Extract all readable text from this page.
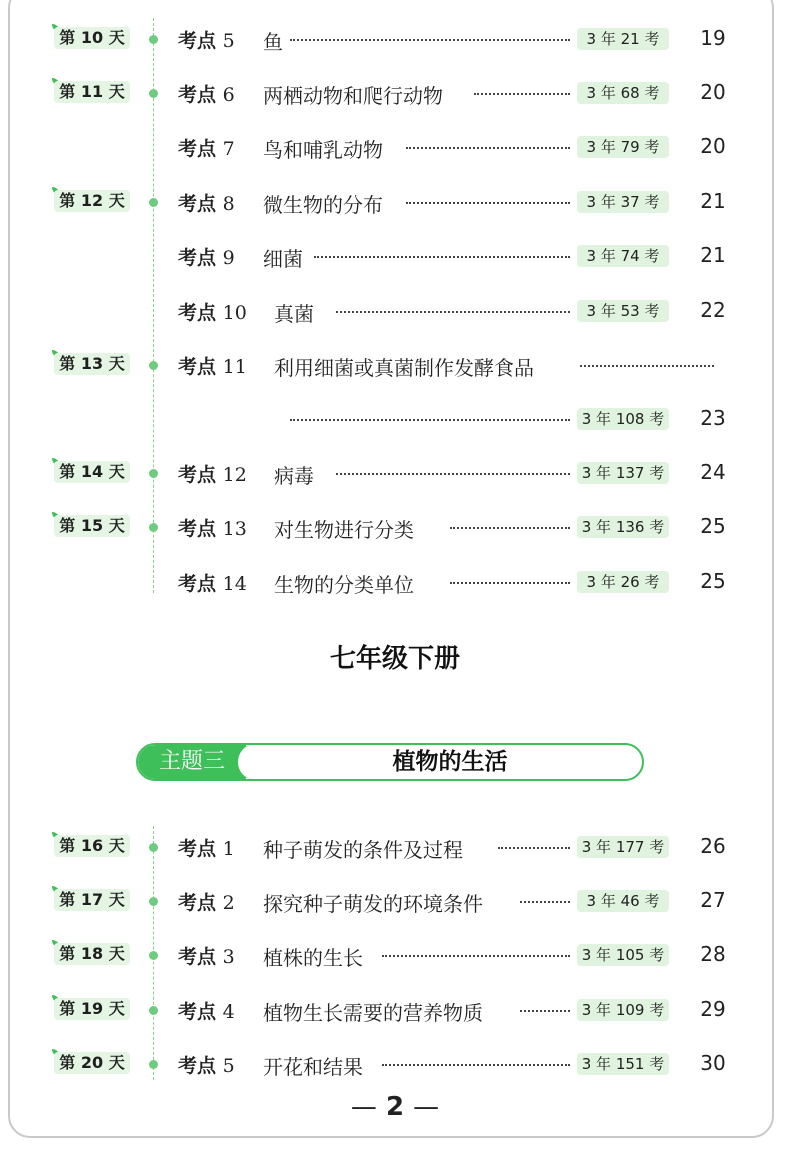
第 10 天	考点 5 鱼	3 年 21 考	19
第 11 天	考点 6 两栖动物和爬行动物	3 年 68 考	20
考点 7 鸟和哺乳动物	3 年 79 考	20
第 12 天	考点 8 微生物的分布	3 年 37 考	21
考点 9 细菌	3 年 74 考	21
考点 10 真菌	3 年 53 考	22
第 13 天	考点 11 利用细菌或真菌制作发酵食品
3 年 108 考	23
第 14 天	考点 12 病毒	3 年 137 考	24
第 15 天	考点 13 对生物进行分类	3 年 136 考	25
考点 14 生物的分类单位	3 年 26 考	25
七年级下册
主题三	植物的生活
第 16 天	考点 1 种子萌发的条件及过程	3 年 177 考	26
第 17 天	考点 2 探究种子萌发的环境条件	3 年 46 考	27
第 18 天	考点 3 植株的生长	3 年 105 考	28
第 19 天	考点 4 植物生长需要的营养物质	3 年 109 考	29
第 20 天	考点 5 开花和结果	3 年 151 考	30
— 2 —
